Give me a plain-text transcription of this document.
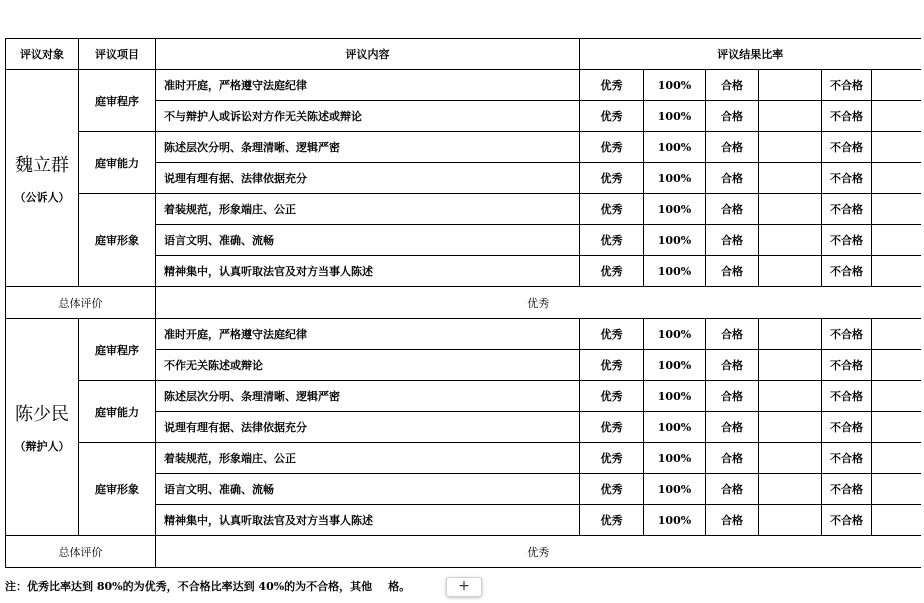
评议对象	评议项目	评议内容	评议结果比率					

魏立群
（公诉人）	庭审程序	准时开庭，严格遵守法庭纪律	优秀	100%	合格		不合格	
		不与辩护人或诉讼对方作无关陈述或辩论	优秀	100%	合格		不合格	
	庭审能力	陈述层次分明、条理清晰、逻辑严密	优秀	100%	合格		不合格	
		说理有理有据、法律依据充分	优秀	100%	合格		不合格	
	庭审形象	着装规范，形象端庄、公正	优秀	100%	合格		不合格	
		语言文明、准确、流畅	优秀	100%	合格		不合格	
		精神集中，认真听取法官及对方当事人陈述	优秀	100%	合格		不合格	
总体评价		优秀						

陈少民
（辩护人）	庭审程序	准时开庭，严格遵守法庭纪律	优秀	100%	合格		不合格	
		不作无关陈述或辩论	优秀	100%	合格		不合格	
	庭审能力	陈述层次分明、条理清晰、逻辑严密	优秀	100%	合格		不合格	
		说理有理有据、法律依据充分	优秀	100%	合格		不合格	
	庭审形象	着装规范，形象端庄、公正	优秀	100%	合格		不合格	
		语言文明、准确、流畅	优秀	100%	合格		不合格	
		精神集中，认真听取法官及对方当事人陈述	优秀	100%	合格		不合格	
总体评价		优秀						
注：优秀比率达到 80%的为优秀，不合格比率达到 40%的为不合格，其他 格。	+
